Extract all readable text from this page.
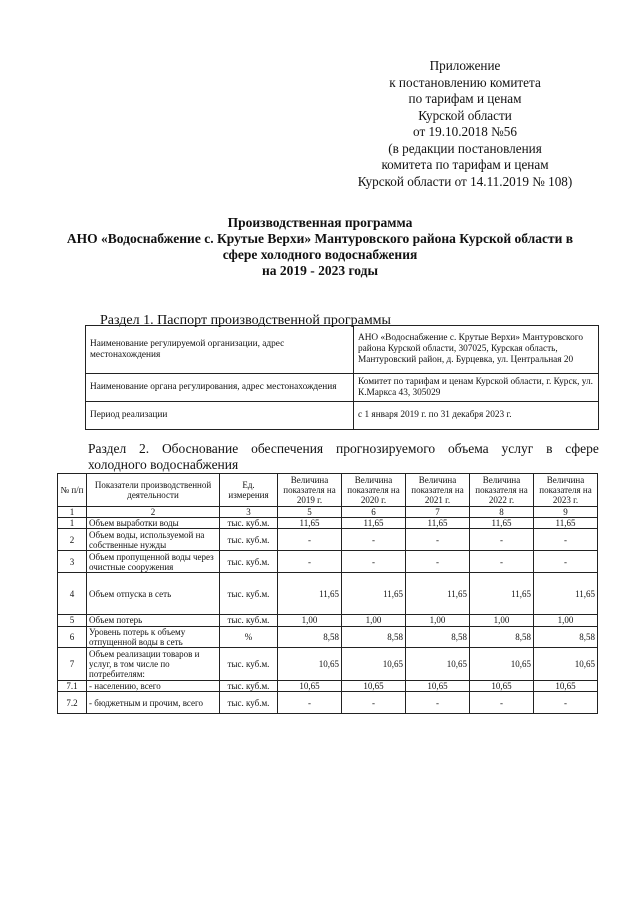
Приложение
к постановлению комитета
по тарифам и ценам
Курской области
от 19.10.2018 №56
(в редакции постановления
комитета по тарифам и ценам
Курской области от 14.11.2019 № 108)
Производственная программа
АНО «Водоснабжение с. Крутые Верхи» Мантуровского района Курской области в
сфере холодного водоснабжения
на 2019 - 2023 годы
Раздел 1. Паспорт производственной программы
Наименование регулируемой организации, адрес местонахождения	АНО «Водоснабжение с. Крутые Верхи» Мантуровского района Курской области, 307025, Курская область, Мантуровский район, д. Бурцевка, ул. Центральная 20
Наименование органа регулирования, адрес местонахождения	Комитет по тарифам и ценам Курской области, г. Курск, ул. К.Маркса 43, 305029
Период реализации	с 1 января 2019 г. по 31 декабря 2023 г.
Раздел 2. Обоснование обеспечения прогнозируемого объема услуг в сфере
холодного водоснабжения
№ п/п	Показатели производственной деятельности	Ед. измерения	Величина показателя на 2019 г.	Величина показателя на 2020 г.	Величина показателя на 2021 г.	Величина показателя на 2022 г.	Величина показателя на 2023 г.
1	2	3	5	6	7	8	9
1	Объем выработки воды	тыс. куб.м.	11,65	11,65	11,65	11,65	11,65
2	Объем воды, используемой на собственные нужды	тыс. куб.м.	-	-	-	-	-
3	Объем пропущенной воды через очистные сооружения	тыс. куб.м.	-	-	-	-	-
4	Объем отпуска в сеть	тыс. куб.м.	11,65	11,65	11,65	11,65	11,65
5	Объем потерь	тыс. куб.м.	1,00	1,00	1,00	1,00	1,00
6	Уровень потерь к объему отпущенной воды в сеть	%	8,58	8,58	8,58	8,58	8,58
7	Объем реализации товаров и услуг, в том числе по потребителям:	тыс. куб.м.	10,65	10,65	10,65	10,65	10,65
7.1	- населению, всего	тыс. куб.м.	10,65	10,65	10,65	10,65	10,65
7.2	- бюджетным и прочим, всего	тыс. куб.м.	-	-	-	-	-
